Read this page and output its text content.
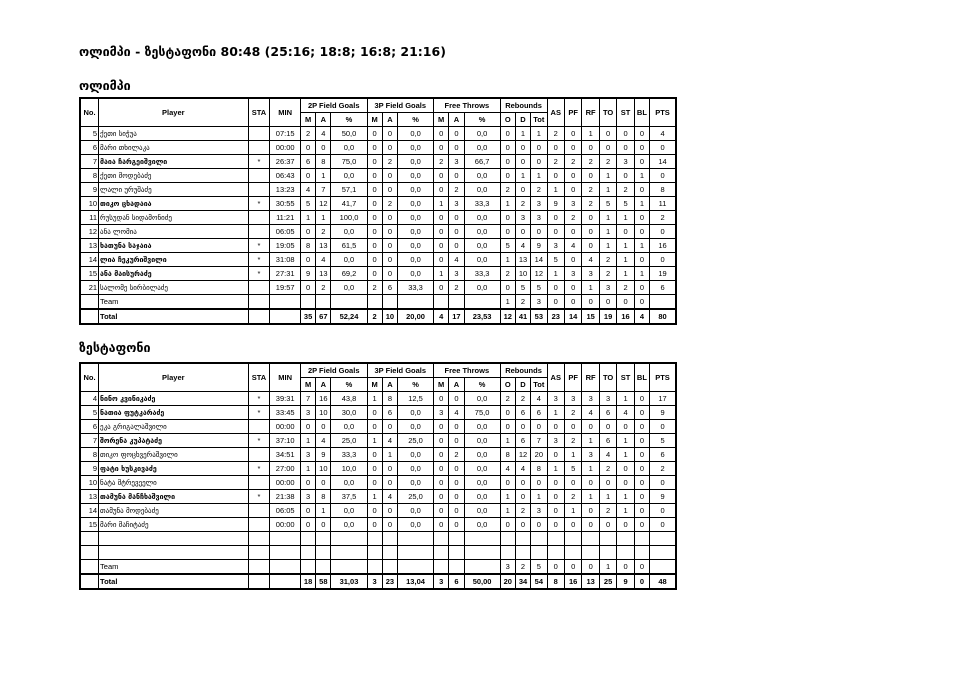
ოლიმპი - ზესტაფონი 80:48 (25:16; 18:8; 16:8; 21:16)
ოლიმპი
No.	Player	STA	MIN	2P Field Goals			3P Field Goals			Free Throws			Rebounds			AS	PF	RF	TO	ST	BL	PTS
				M	A	%	M	A	%	M	A	%	O	D	Tot							
5	ქეთი სიჭუა		07:15	2	4	50,0	0	0	0,0	0	0	0,0	0	1	1	2	0	1	0	0	0	4
6	მარი თხილაკა		00:00	0	0	0,0	0	0	0,0	0	0	0,0	0	0	0	0	0	0	0	0	0	0
7	მაია ჩარგეიშვილი	*	26:37	6	8	75,0	0	2	0,0	2	3	66,7	0	0	0	2	2	2	2	3	0	14
8	ქეთი მოდებაძე		06:43	0	1	0,0	0	0	0,0	0	0	0,0	0	1	1	0	0	0	1	0	1	0
9	ლალი ურუშაძე		13:23	4	7	57,1	0	0	0,0	0	2	0,0	2	0	2	1	0	2	1	2	0	8
10	თიკო ცხადაია	*	30:55	5	12	41,7	0	2	0,0	1	3	33,3	1	2	3	9	3	2	5	5	1	11
11	რუსუდან სიდამონიძე		11:21	1	1	100,0	0	0	0,0	0	0	0,0	0	3	3	0	2	0	1	1	0	2
12	ანა ლომია		06:05	0	2	0,0	0	0	0,0	0	0	0,0	0	0	0	0	0	0	1	0	0	0
13	ხათუნა საჯაია	*	19:05	8	13	61,5	0	0	0,0	0	0	0,0	5	4	9	3	4	0	1	1	1	16
14	ლია ჩეკურიშვილი	*	31:08	0	4	0,0	0	0	0,0	0	4	0,0	1	13	14	5	0	4	2	1	0	0
15	ანა მაისურაძე	*	27:31	9	13	69,2	0	0	0,0	1	3	33,3	2	10	12	1	3	3	2	1	1	19
21	სალომე სირბილაძე		19:57	0	2	0,0	2	6	33,3	0	2	0,0	0	5	5	0	0	1	3	2	0	6
	Team												1	2	3	0	0	0	0	0	0	
	Total			35	67	52,24	2	10	20,00	4	17	23,53	12	41	53	23	14	15	19	16	4	80
ზესტაფონი
No.	Player	STA	MIN	2P Field Goals			3P Field Goals			Free Throws			Rebounds			AS	PF	RF	TO	ST	BL	PTS
				M	A	%	M	A	%	M	A	%	O	D	Tot							
4	ნინო კვინიკაძე	*	39:31	7	16	43,8	1	8	12,5	0	0	0,0	2	2	4	3	3	3	3	1	0	17
5	ნათია ფუტკარაძე	*	33:45	3	10	30,0	0	6	0,0	3	4	75,0	0	6	6	1	2	4	6	4	0	9
6	ეკა გრიგალაშვილი		00:00	0	0	0,0	0	0	0,0	0	0	0,0	0	0	0	0	0	0	0	0	0	0
7	შორენა კუპატაძე	*	37:10	1	4	25,0	1	4	25,0	0	0	0,0	1	6	7	3	2	1	6	1	0	5
8	თიკო ფოცხვერაშვილი		34:51	3	9	33,3	0	1	0,0	0	2	0,0	8	12	20	0	1	3	4	1	0	6
9	ფატი ხუსკივაძე	*	27:00	1	10	10,0	0	0	0,0	0	0	0,0	4	4	8	1	5	1	2	0	0	2
10	ნატა მტრევეელი		00:00	0	0	0,0	0	0	0,0	0	0	0,0	0	0	0	0	0	0	0	0	0	0
13	თამუნა მანჩხაშვილი	*	21:38	3	8	37,5	1	4	25,0	0	0	0,0	1	0	1	0	2	1	1	1	0	9
14	თამუნა მოდებაძე		06:05	0	1	0,0	0	0	0,0	0	0	0,0	1	2	3	0	1	0	2	1	0	0
15	მარი მაჩიტაძე		00:00	0	0	0,0	0	0	0,0	0	0	0,0	0	0	0	0	0	0	0	0	0	0

	Team												3	2	5	0	0	0	1	0	0	
	Total			18	58	31,03	3	23	13,04	3	6	50,00	20	34	54	8	16	13	25	9	0	48
